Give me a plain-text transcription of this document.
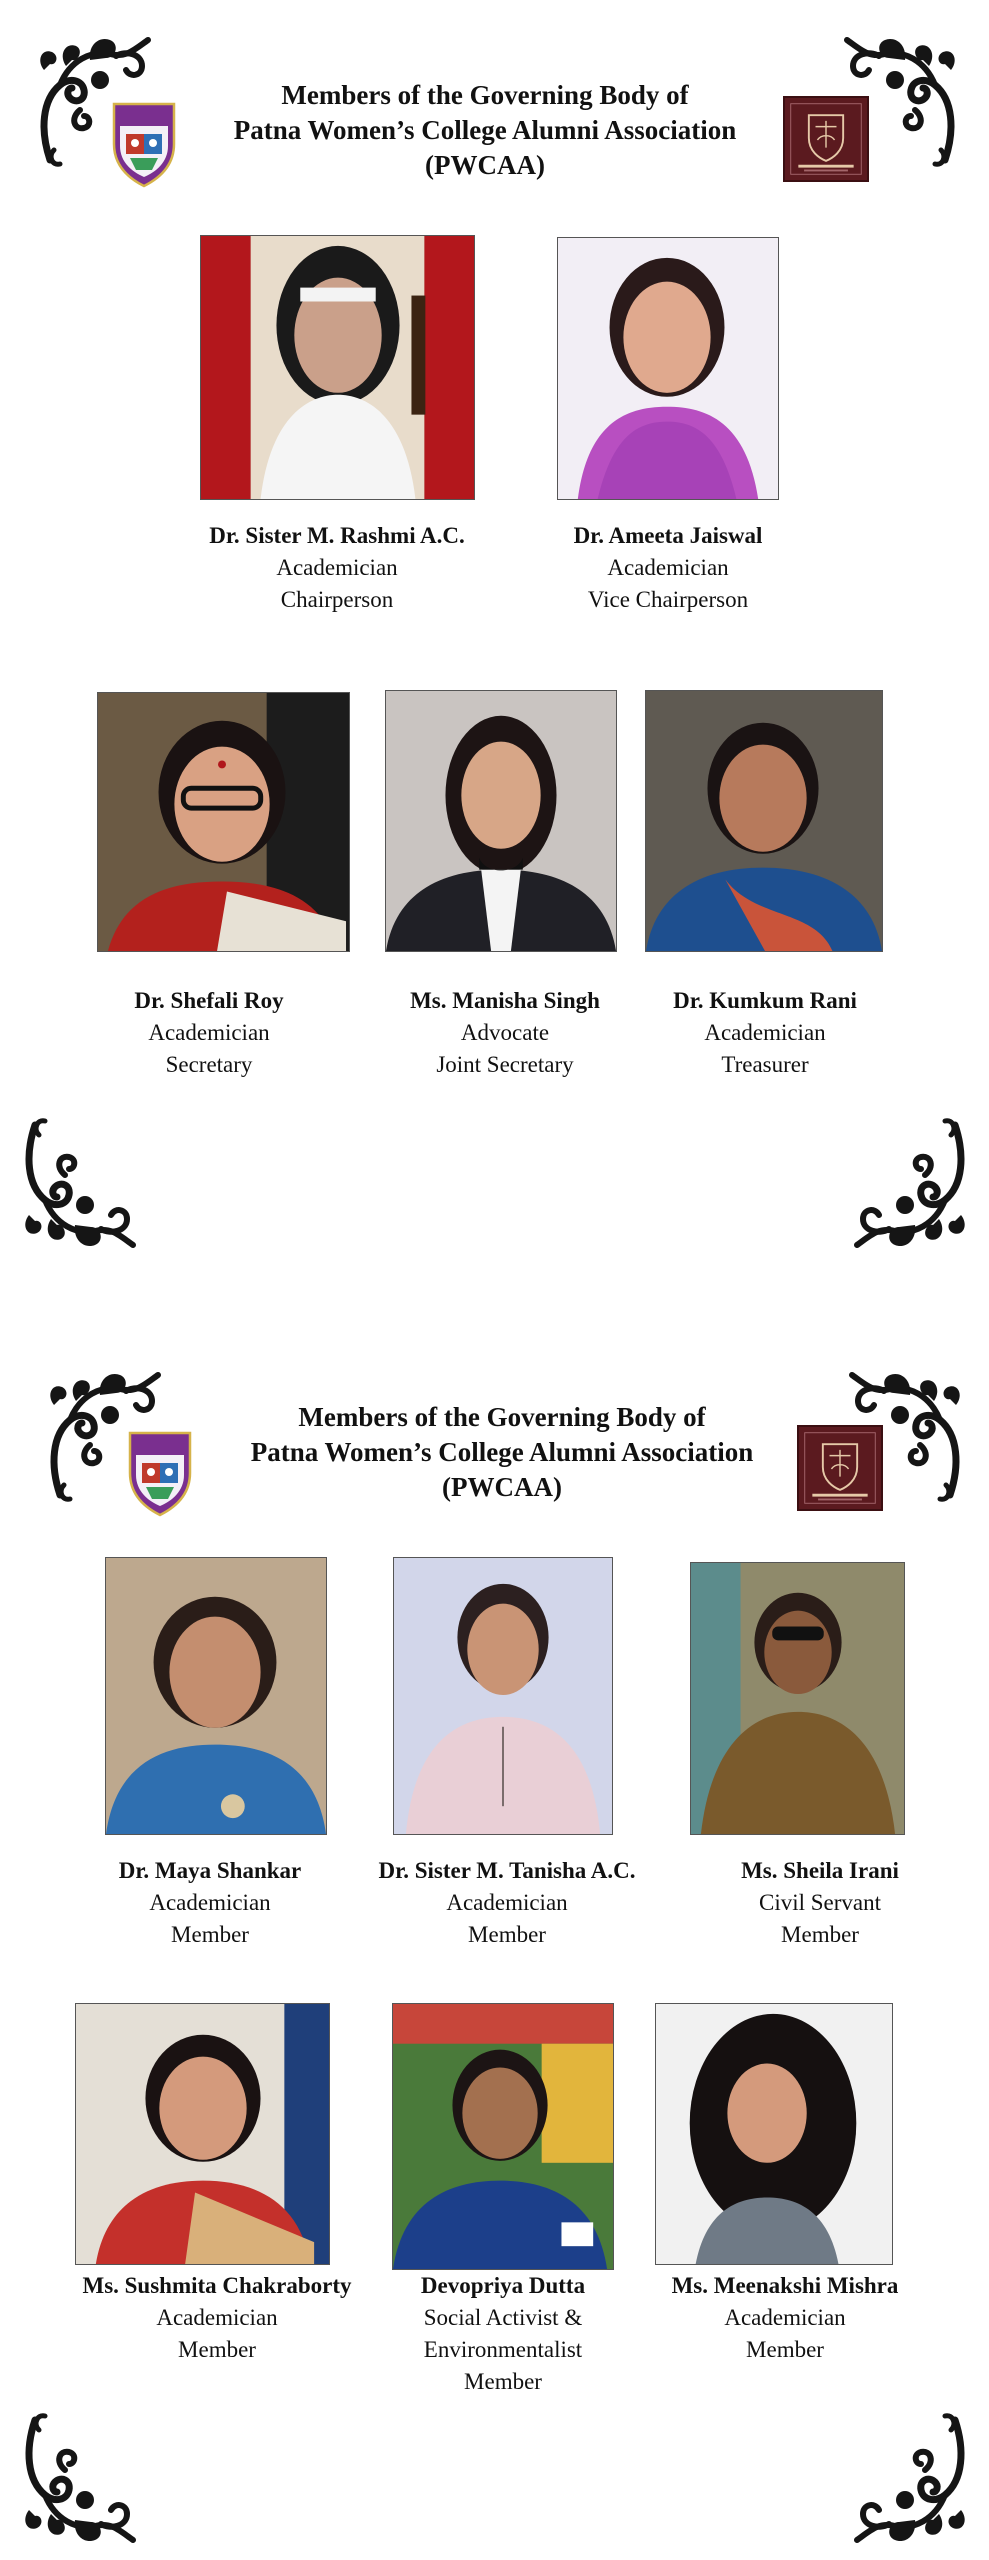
Members of the Governing Body of
Patna Women’s College Alumni Association
(PWCAA)
Dr. Sister M. Rashmi A.C.
Academician
Chairperson
Dr. Ameeta Jaiswal
Academician
Vice Chairperson
Dr. Shefali Roy
Academician
Secretary
Ms. Manisha Singh
Advocate
Joint Secretary
Dr. Kumkum Rani
Academician
Treasurer
Members of the Governing Body of
Patna Women’s College Alumni Association
(PWCAA)
Dr. Maya Shankar
Academician
Member
Dr. Sister M. Tanisha A.C.
Academician
Member
Ms. Sheila Irani
Civil Servant
Member
Ms. Sushmita Chakraborty
Academician
Member
Devopriya Dutta
Social Activist &
Environmentalist
Member
Ms. Meenakshi Mishra
Academician
Member
